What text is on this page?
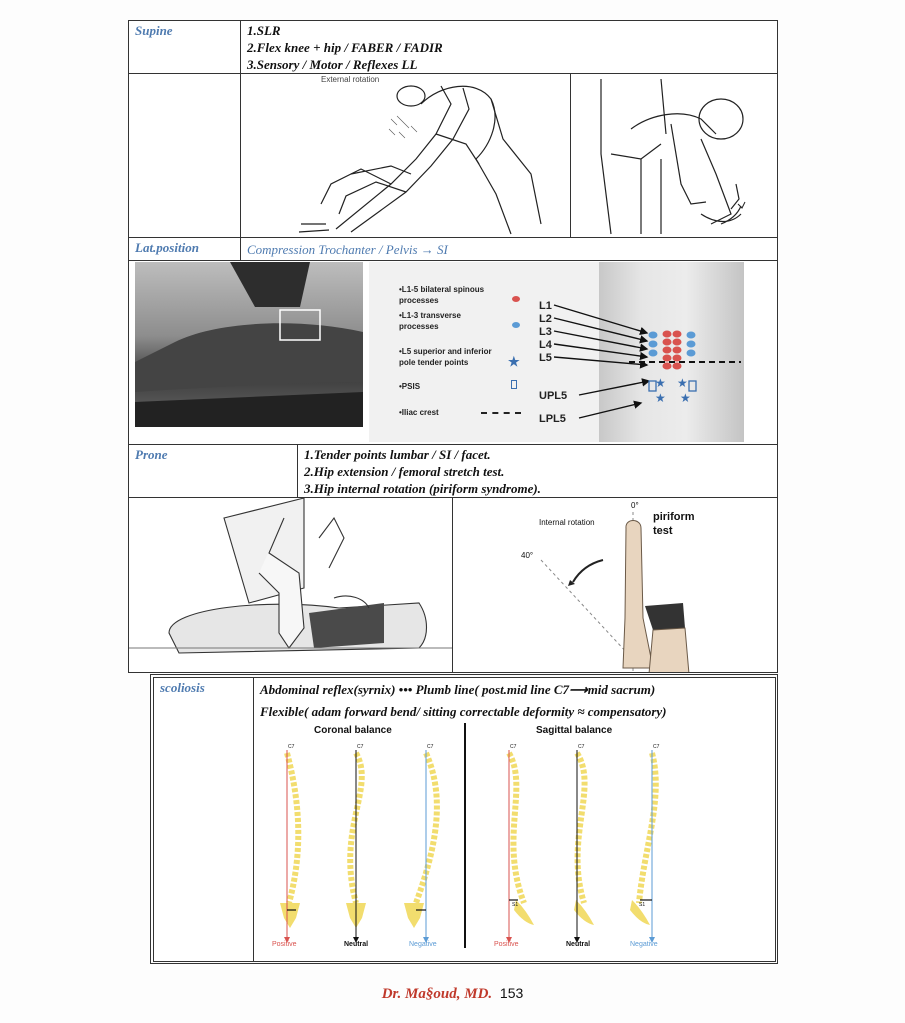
Supine	1.SLR
2.Flex knee + hip / FABER / FADIR
3.Sensory / Motor / Reflexes LL
External rotation
Lat.position	Compression Trochanter / Pelvis → SI
•L1-5 bilateral spinous processes
•L1-3 transverse processes
•L5 superior and inferior pole tender points	★
•PSIS
•Iliac crest
L1
L2
L3
L4
L5
UPL5
LPL5
★ ★
★ ★
Prone	1.Tender points lumbar / SI / facet.
2.Hip extension / femoral stretch test.
3.Hip internal rotation (piriform syndrome).
0°
Internal rotation	piriform
test
40°
scoliosis	Abdominal reflex(syrnix) ••• Plumb line( post.mid line C7⟶mid sacrum)
Flexible( adam forward bend/ sitting correctable deformity ≈ compensatory)
Coronal balance	Sagittal balance
C7	C7	C7	C7	C7	C7
S1	S1
Positive	Neutral	Negative	Positive	Neutral	Negative
Dr. Ma§oud, MD. 153
